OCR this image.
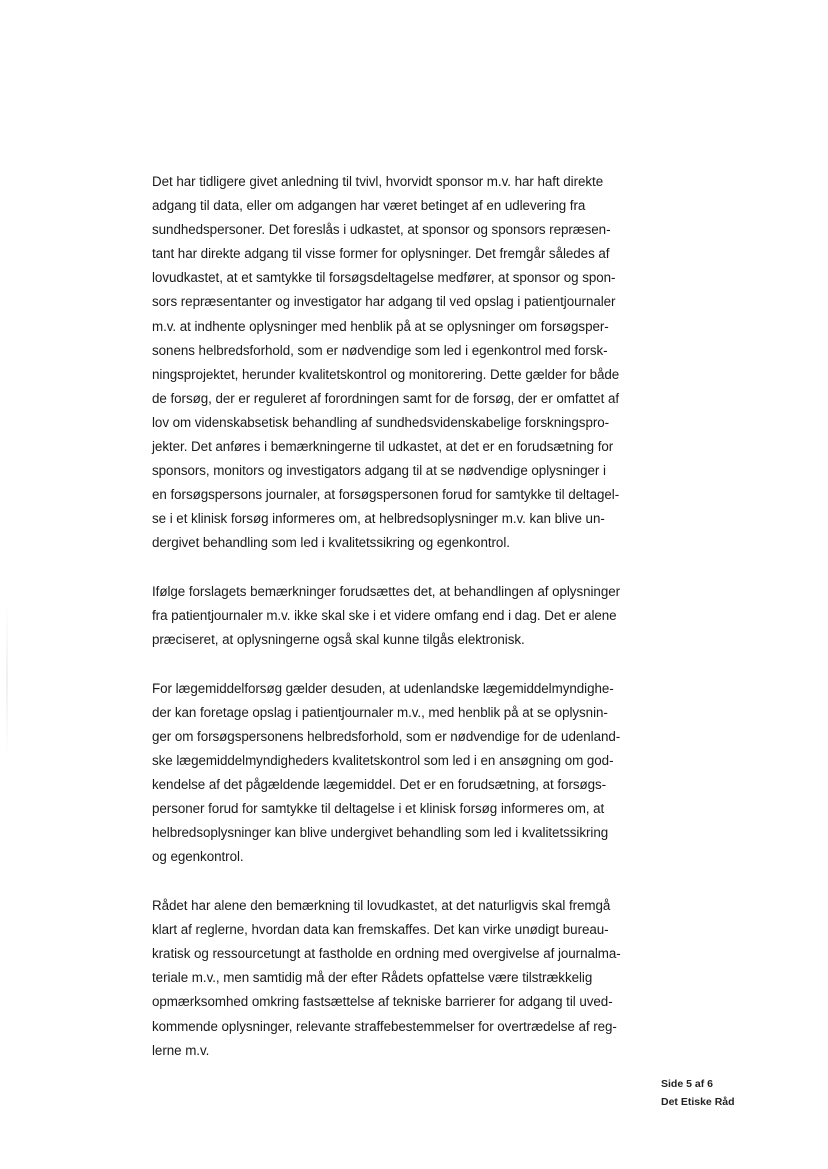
Det har tidligere givet anledning til tvivl, hvorvidt sponsor m.v. har haft direkte
adgang til data, eller om adgangen har været betinget af en udlevering fra
sundhedspersoner. Det foreslås i udkastet, at sponsor og sponsors repræsen-
tant har direkte adgang til visse former for oplysninger. Det fremgår således af
lovudkastet, at et samtykke til forsøgsdeltagelse medfører, at sponsor og spon-
sors repræsentanter og investigator har adgang til ved opslag i patientjournaler
m.v. at indhente oplysninger med henblik på at se oplysninger om forsøgsper-
sonens helbredsforhold, som er nødvendige som led i egenkontrol med forsk-
ningsprojektet, herunder kvalitetskontrol og monitorering. Dette gælder for både
de forsøg, der er reguleret af forordningen samt for de forsøg, der er omfattet af
lov om videnskabsetisk behandling af sundhedsvidenskabelige forskningspro-
jekter. Det anføres i bemærkningerne til udkastet, at det er en forudsætning for
sponsors, monitors og investigators adgang til at se nødvendige oplysninger i
en forsøgspersons journaler, at forsøgspersonen forud for samtykke til deltagel-
se i et klinisk forsøg informeres om, at helbredsoplysninger m.v. kan blive un-
dergivet behandling som led i kvalitetssikring og egenkontrol.

Ifølge forslagets bemærkninger forudsættes det, at behandlingen af oplysninger
fra patientjournaler m.v. ikke skal ske i et videre omfang end i dag. Det er alene
præciseret, at oplysningerne også skal kunne tilgås elektronisk.

For lægemiddelforsøg gælder desuden, at udenlandske lægemiddelmyndighe-
der kan foretage opslag i patientjournaler m.v., med henblik på at se oplysnin-
ger om forsøgspersonens helbredsforhold, som er nødvendige for de udenland-
ske lægemiddelmyndigheders kvalitetskontrol som led i en ansøgning om god-
kendelse af det pågældende lægemiddel. Det er en forudsætning, at forsøgs-
personer forud for samtykke til deltagelse i et klinisk forsøg informeres om, at
helbredsoplysninger kan blive undergivet behandling som led i kvalitetssikring
og egenkontrol.

Rådet har alene den bemærkning til lovudkastet, at det naturligvis skal fremgå
klart af reglerne, hvordan data kan fremskaffes. Det kan virke unødigt bureau-
kratisk og ressourcetungt at fastholde en ordning med overgivelse af journalma-
teriale m.v., men samtidig må der efter Rådets opfattelse være tilstrækkelig
opmærksomhed omkring fastsættelse af tekniske barrierer for adgang til uved-
kommende oplysninger, relevante straffebestemmelser for overtrædelse af reg-
lerne m.v.

Side 5 af 6
Det Etiske Råd
